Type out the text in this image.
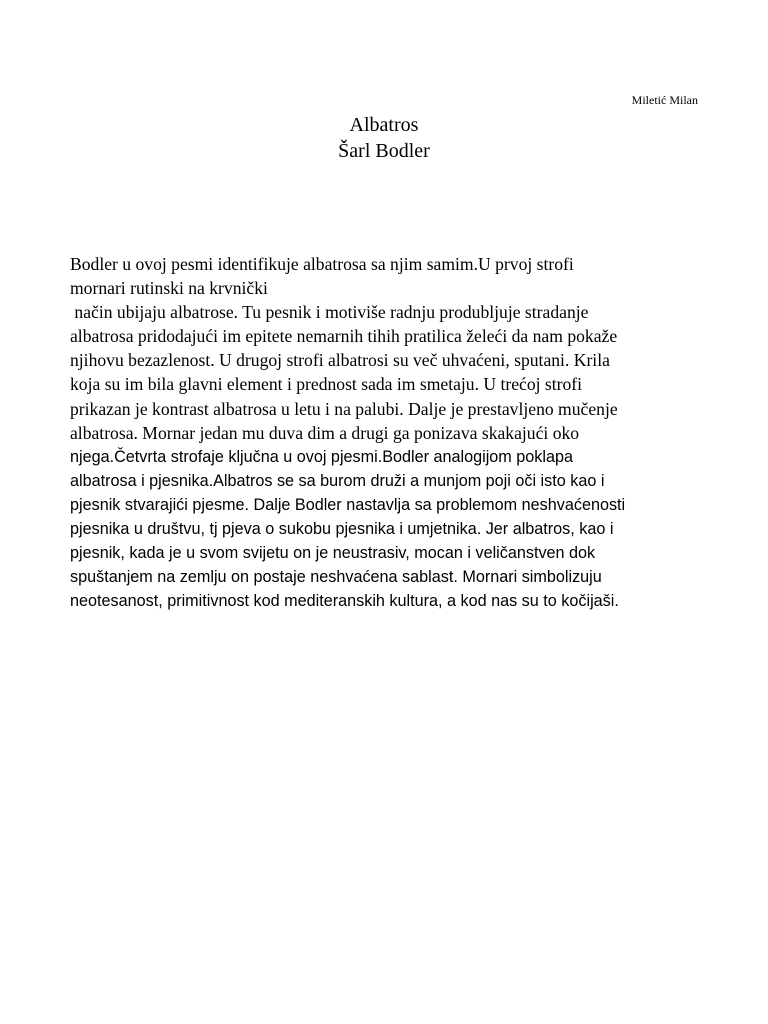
Miletić Milan
Albatros
Šarl Bodler
Bodler u ovoj pesmi identifikuje albatrosa sa njim samim.U prvoj strofi
mornari rutinski na krvnički
način ubijaju albatrose. Tu pesnik i motiviše radnju produbljuje stradanje
albatrosa pridodajući im epitete nemarnih tihih pratilica želeći da nam pokaže
njihovu bezazlenost. U drugoj strofi albatrosi su več uhvaćeni, sputani. Krila
koja su im bila glavni element i prednost sada im smetaju. U trećoj strofi
prikazan je kontrast albatrosa u letu i na palubi. Dalje je prestavljeno mučenje
albatrosa. Mornar jedan mu duva dim a drugi ga ponizava skakajući oko
njega.Četvrta strofaje ključna u ovoj pjesmi.Bodler analogijom poklapa
albatrosa i pjesnika.Albatros se sa burom druži a munjom poji oči isto kao i
pjesnik stvarajići pjesme. Dalje Bodler nastavlja sa problemom neshvaćenosti
pjesnika u društvu, tj pjeva o sukobu pjesnika i umjetnika. Jer albatros, kao i
pjesnik, kada je u svom svijetu on je neustrasiv, mocan i veličanstven dok
spuštanjem na zemlju on postaje neshvaćena sablast. Mornari simbolizuju
neotesanost, primitivnost kod mediteranskih kultura, a kod nas su to kočijaši.
